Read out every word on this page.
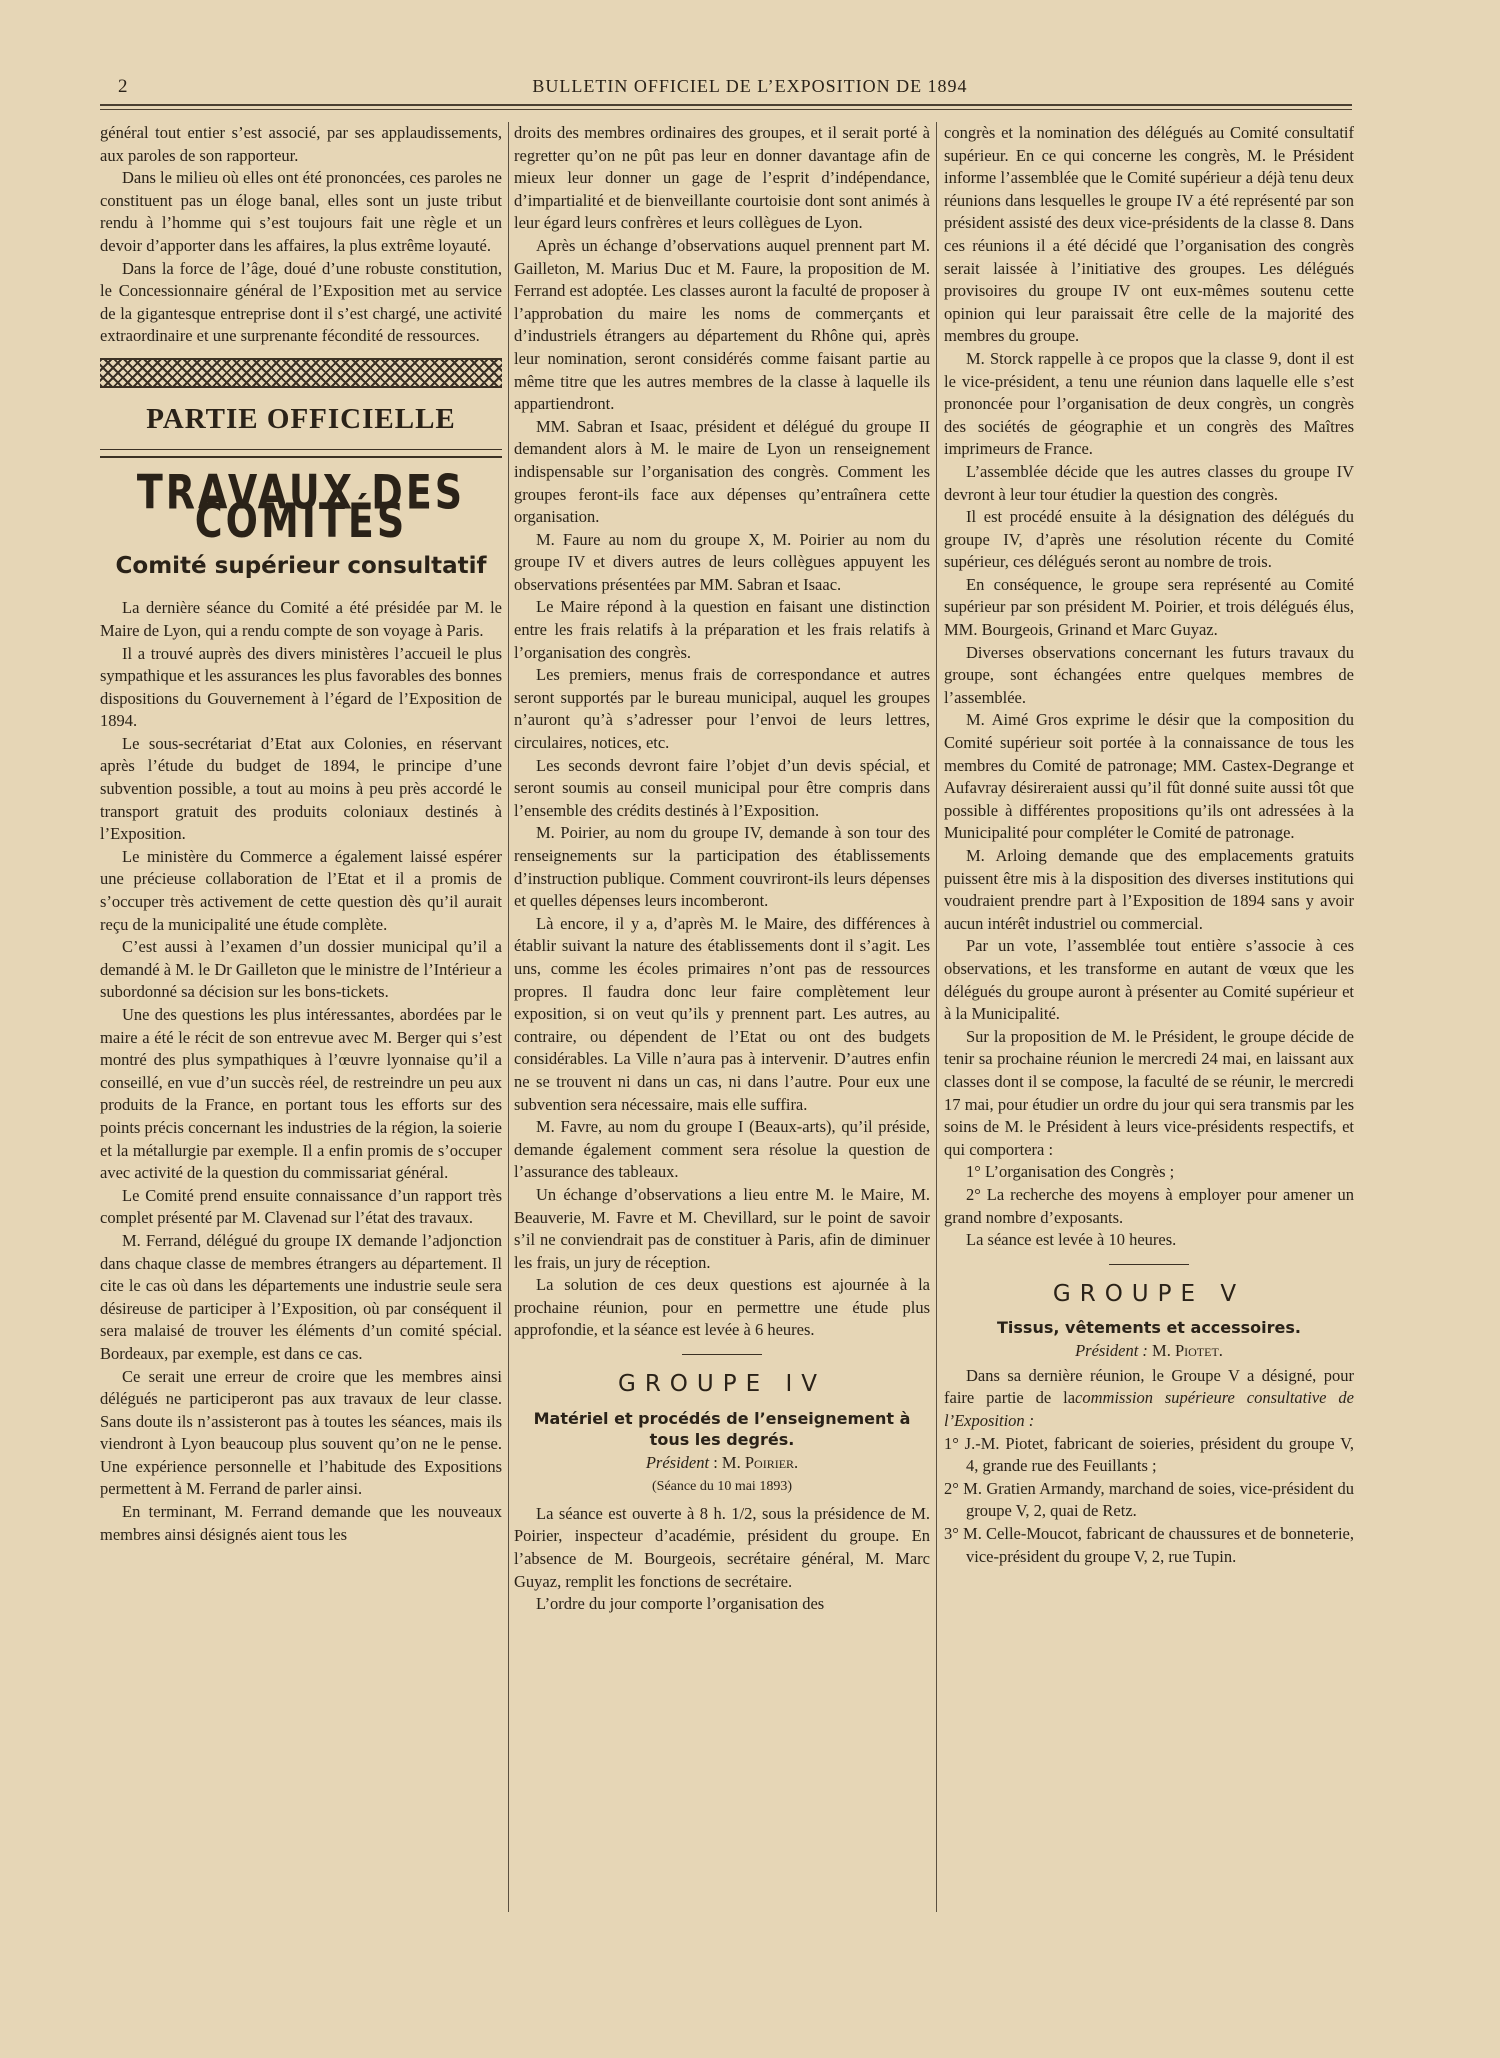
2	BULLETIN OFFICIEL DE L’EXPOSITION DE 1894

général tout entier s’est associé, par ses applaudissements, aux paroles de son rapporteur.

Dans le milieu où elles ont été prononcées, ces paroles ne constituent pas un éloge banal, elles sont un juste tribut rendu à l’homme qui s’est toujours fait une règle et un devoir d’apporter dans les affaires, la plus extrême loyauté.

Dans la force de l’âge, doué d’une robuste constitution, le Concessionnaire général de l’Exposition met au service de la gigantesque entreprise dont il s’est chargé, une activité extraordinaire et une surprenante fécondité de ressources.

PARTIE OFFICIELLE
TRAVAUX DES COMITÉS
Comité supérieur consultatif

La dernière séance du Comité a été présidée par M. le Maire de Lyon, qui a rendu compte de son voyage à Paris.

Il a trouvé auprès des divers ministères l’accueil le plus sympathique et les assurances les plus favorables des bonnes dispositions du Gouvernement à l’égard de l’Exposition de 1894.

Le sous-secrétariat d’Etat aux Colonies, en réservant après l’étude du budget de 1894, le principe d’une subvention possible, a tout au moins à peu près accordé le transport gratuit des produits coloniaux destinés à l’Exposition.

Le ministère du Commerce a également laissé espérer une précieuse collaboration de l’Etat et il a promis de s’occuper très activement de cette question dès qu’il aurait reçu de la municipalité une étude complète.

C’est aussi à l’examen d’un dossier municipal qu’il a demandé à M. le Dr Gailleton que le ministre de l’Intérieur a subordonné sa décision sur les bons-tickets.

Une des questions les plus intéressantes, abordées par le maire a été le récit de son entrevue avec M. Berger qui s’est montré des plus sympathiques à l’œuvre lyonnaise qu’il a conseillé, en vue d’un succès réel, de restreindre un peu aux produits de la France, en portant tous les efforts sur des points précis concernant les industries de la région, la soierie et la métallurgie par exemple. Il a enfin promis de s’occuper avec activité de la question du commissariat général.

Le Comité prend ensuite connaissance d’un rapport très complet présenté par M. Clavenad sur l’état des travaux.

M. Ferrand, délégué du groupe IX demande l’adjonction dans chaque classe de membres étrangers au département. Il cite le cas où dans les départements une industrie seule sera désireuse de participer à l’Exposition, où par conséquent il sera malaisé de trouver les éléments d’un comité spécial. Bordeaux, par exemple, est dans ce cas.

Ce serait une erreur de croire que les membres ainsi délégués ne participeront pas aux travaux de leur classe. Sans doute ils n’assisteront pas à toutes les séances, mais ils viendront à Lyon beaucoup plus souvent qu’on ne le pense. Une expérience personnelle et l’habitude des Expositions permettent à M. Ferrand de parler ainsi.

En terminant, M. Ferrand demande que les nouveaux membres ainsi désignés aient tous les

droits des membres ordinaires des groupes, et il serait porté à regretter qu’on ne pût pas leur en donner davantage afin de mieux leur donner un gage de l’esprit d’indépendance, d’impartialité et de bienveillante courtoisie dont sont animés à leur égard leurs confrères et leurs collègues de Lyon.

Après un échange d’observations auquel prennent part M. Gailleton, M. Marius Duc et M. Faure, la proposition de M. Ferrand est adoptée. Les classes auront la faculté de proposer à l’approbation du maire les noms de commerçants et d’industriels étrangers au département du Rhône qui, après leur nomination, seront considérés comme faisant partie au même titre que les autres membres de la classe à laquelle ils appartiendront.

MM. Sabran et Isaac, président et délégué du groupe II demandent alors à M. le maire de Lyon un renseignement indispensable sur l’organisation des congrès. Comment les groupes feront-ils face aux dépenses qu’entraînera cette organisation.

M. Faure au nom du groupe X, M. Poirier au nom du groupe IV et divers autres de leurs collègues appuyent les observations présentées par MM. Sabran et Isaac.

Le Maire répond à la question en faisant une distinction entre les frais relatifs à la préparation et les frais relatifs à l’organisation des congrès.

Les premiers, menus frais de correspondance et autres seront supportés par le bureau municipal, auquel les groupes n’auront qu’à s’adresser pour l’envoi de leurs lettres, circulaires, notices, etc.

Les seconds devront faire l’objet d’un devis spécial, et seront soumis au conseil municipal pour être compris dans l’ensemble des crédits destinés à l’Exposition.

M. Poirier, au nom du groupe IV, demande à son tour des renseignements sur la participation des établissements d’instruction publique. Comment couvriront-ils leurs dépenses et quelles dépenses leurs incomberont.

Là encore, il y a, d’après M. le Maire, des différences à établir suivant la nature des établissements dont il s’agit. Les uns, comme les écoles primaires n’ont pas de ressources propres. Il faudra donc leur faire complètement leur exposition, si on veut qu’ils y prennent part. Les autres, au contraire, ou dépendent de l’Etat ou ont des budgets considérables. La Ville n’aura pas à intervenir. D’autres enfin ne se trouvent ni dans un cas, ni dans l’autre. Pour eux une subvention sera nécessaire, mais elle suffira.

M. Favre, au nom du groupe I (Beaux-arts), qu’il préside, demande également comment sera résolue la question de l’assurance des tableaux.

Un échange d’observations a lieu entre M. le Maire, M. Beauverie, M. Favre et M. Chevillard, sur le point de savoir s’il ne conviendrait pas de constituer à Paris, afin de diminuer les frais, un jury de réception.

La solution de ces deux questions est ajournée à la prochaine réunion, pour en permettre une étude plus approfondie, et la séance est levée à 6 heures.

GROUPE IV
Matériel et procédés de l’enseignement à tous les degrés.
Président : M. Poirier.
(Séance du 10 mai 1893)

La séance est ouverte à 8 h. 1/2, sous la présidence de M. Poirier, inspecteur d’académie, président du groupe. En l’absence de M. Bourgeois, secrétaire général, M. Marc Guyaz, remplit les fonctions de secrétaire.

L’ordre du jour comporte l’organisation des

congrès et la nomination des délégués au Comité consultatif supérieur. En ce qui concerne les congrès, M. le Président informe l’assemblée que le Comité supérieur a déjà tenu deux réunions dans lesquelles le groupe IV a été représenté par son président assisté des deux vice-présidents de la classe 8. Dans ces réunions il a été décidé que l’organisation des congrès serait laissée à l’initiative des groupes. Les délégués provisoires du groupe IV ont eux-mêmes soutenu cette opinion qui leur paraissait être celle de la majorité des membres du groupe.

M. Storck rappelle à ce propos que la classe 9, dont il est le vice-président, a tenu une réunion dans laquelle elle s’est prononcée pour l’organisation de deux congrès, un congrès des sociétés de géographie et un congrès des Maîtres imprimeurs de France.

L’assemblée décide que les autres classes du groupe IV devront à leur tour étudier la question des congrès.

Il est procédé ensuite à la désignation des délégués du groupe IV, d’après une résolution récente du Comité supérieur, ces délégués seront au nombre de trois.

En conséquence, le groupe sera représenté au Comité supérieur par son président M. Poirier, et trois délégués élus, MM. Bourgeois, Grinand et Marc Guyaz.

Diverses observations concernant les futurs travaux du groupe, sont échangées entre quelques membres de l’assemblée.

M. Aimé Gros exprime le désir que la composition du Comité supérieur soit portée à la connaissance de tous les membres du Comité de patronage; MM. Castex-Degrange et Aufavray désireraient aussi qu’il fût donné suite aussi tôt que possible à différentes propositions qu’ils ont adressées à la Municipalité pour compléter le Comité de patronage.

M. Arloing demande que des emplacements gratuits puissent être mis à la disposition des diverses institutions qui voudraient prendre part à l’Exposition de 1894 sans y avoir aucun intérêt industriel ou commercial.

Par un vote, l’assemblée tout entière s’associe à ces observations, et les transforme en autant de vœux que les délégués du groupe auront à présenter au Comité supérieur et à la Municipalité.

Sur la proposition de M. le Président, le groupe décide de tenir sa prochaine réunion le mercredi 24 mai, en laissant aux classes dont il se compose, la faculté de se réunir, le mercredi 17 mai, pour étudier un ordre du jour qui sera transmis par les soins de M. le Président à leurs vice-présidents respectifs, et qui comportera :

1° L’organisation des Congrès ;

2° La recherche des moyens à employer pour amener un grand nombre d’exposants.

La séance est levée à 10 heures.

GROUPE V
Tissus, vêtements et accessoires.
Président : M. Piotet.

Dans sa dernière réunion, le Groupe V a désigné, pour faire partie de lacommission supérieure consultative de l’Exposition :

1° J.-M. Piotet, fabricant de soieries, président du groupe V, 4, grande rue des Feuillants ;

2° M. Gratien Armandy, marchand de soies, vice-président du groupe V, 2, quai de Retz.

3° M. Celle-Moucot, fabricant de chaussures et de bonneterie, vice-président du groupe V, 2, rue Tupin.
